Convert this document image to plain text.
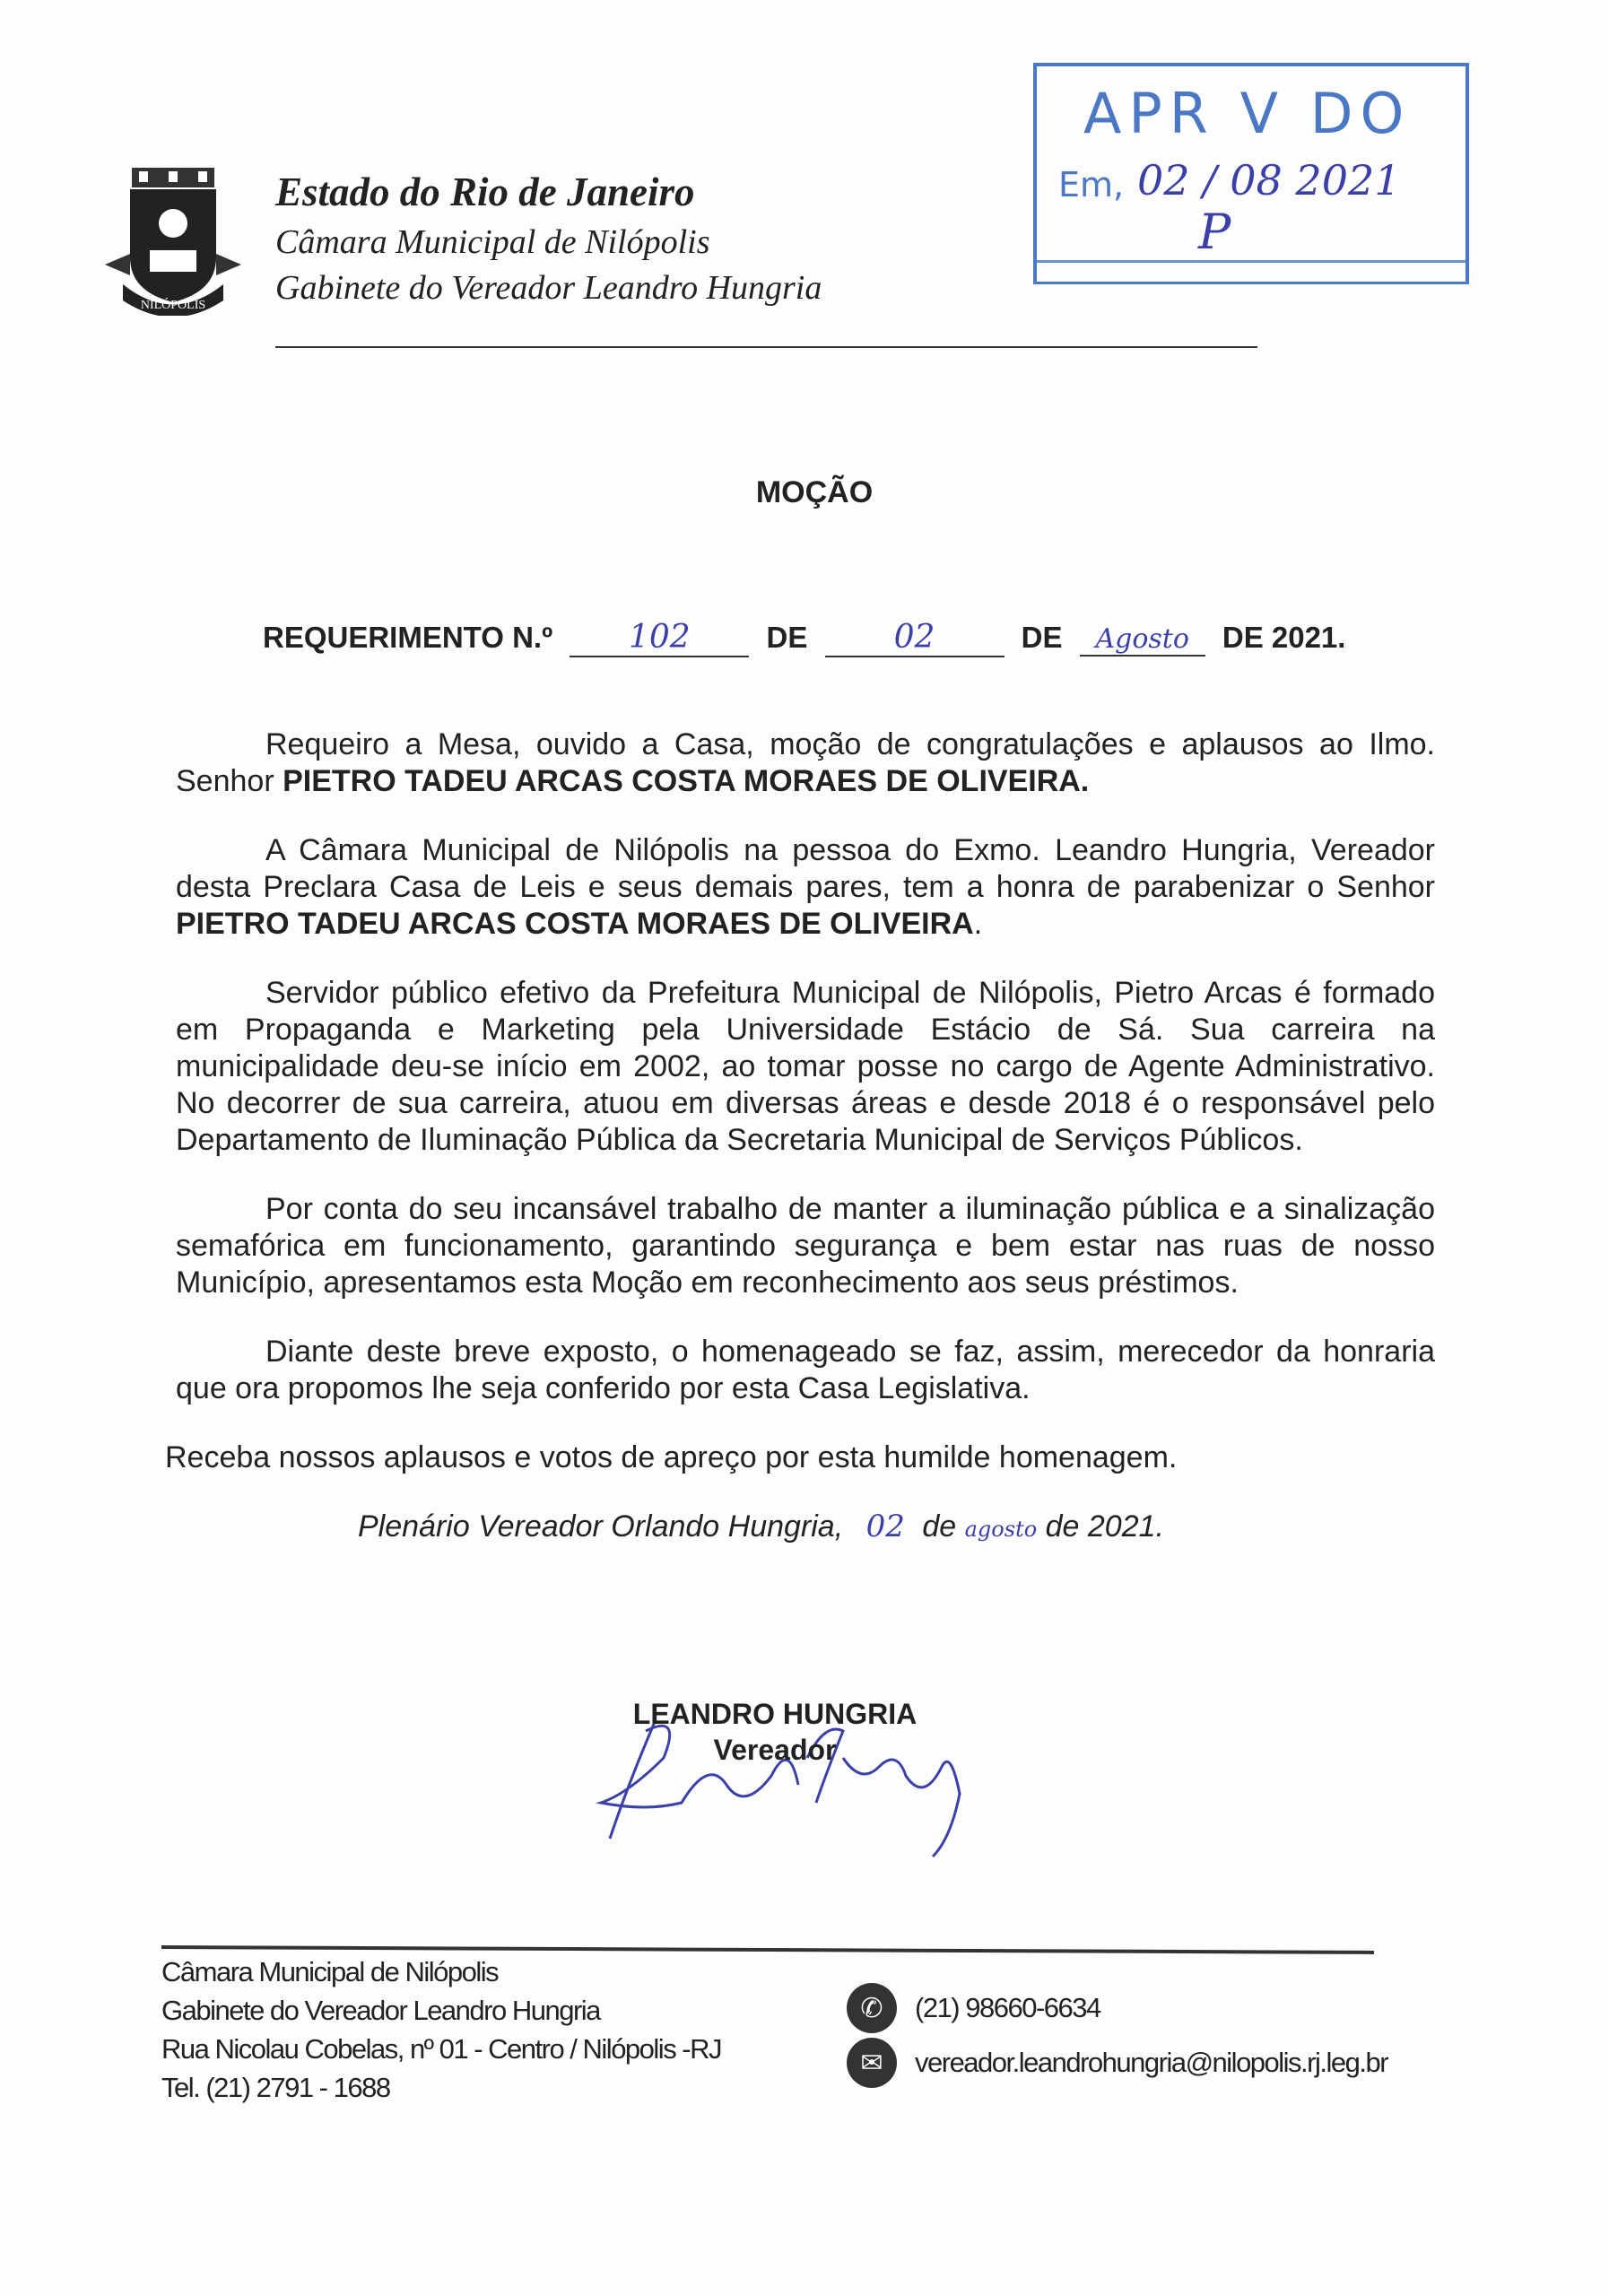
NILÓPOLIS
Estado do Rio de Janeiro
Câmara Municipal de Nilópolis
Gabinete do Vereador Leandro Hungria
APR V DO
Em, 02 / 08 2021
P
MOÇÃO
REQUERIMENTO N.º 102	DE	02	DE Agosto DE 2021.

Requeiro a Mesa, ouvido a Casa, moção de congratulações e aplausos ao Ilmo. Senhor PIETRO TADEU ARCAS COSTA MORAES DE OLIVEIRA.

A Câmara Municipal de Nilópolis na pessoa do Exmo. Leandro Hungria, Vereador desta Preclara Casa de Leis e seus demais pares, tem a honra de parabenizar o Senhor PIETRO TADEU ARCAS COSTA MORAES DE OLIVEIRA.

Servidor público efetivo da Prefeitura Municipal de Nilópolis, Pietro Arcas é formado em Propaganda e Marketing pela Universidade Estácio de Sá. Sua carreira na municipalidade deu-se início em 2002, ao tomar posse no cargo de Agente Administrativo. No decorrer de sua carreira, atuou em diversas áreas e desde 2018 é o responsável pelo Departamento de Iluminação Pública da Secretaria Municipal de Serviços Públicos.

Por conta do seu incansável trabalho de manter a iluminação pública e a sinalização semafórica em funcionamento, garantindo segurança e bem estar nas ruas de nosso Município, apresentamos esta Moção em reconhecimento aos seus préstimos.

Diante deste breve exposto, o homenageado se faz, assim, merecedor da honraria que ora propomos lhe seja conferido por esta Casa Legislativa.

Receba nossos aplausos e votos de apreço por esta humilde homenagem.

Plenário Vereador Orlando Hungria, 02 de agosto de 2021.
LEANDRO HUNGRIA
Vereador
Câmara Municipal de Nilópolis
Gabinete do Vereador Leandro Hungria
Rua Nicolau Cobelas, nº 01 - Centro / Nilópolis -RJ
Tel. (21) 2791 - 1688
✆	(21) 98660-6634
✉	vereador.leandrohungria@nilopolis.rj.leg.br
